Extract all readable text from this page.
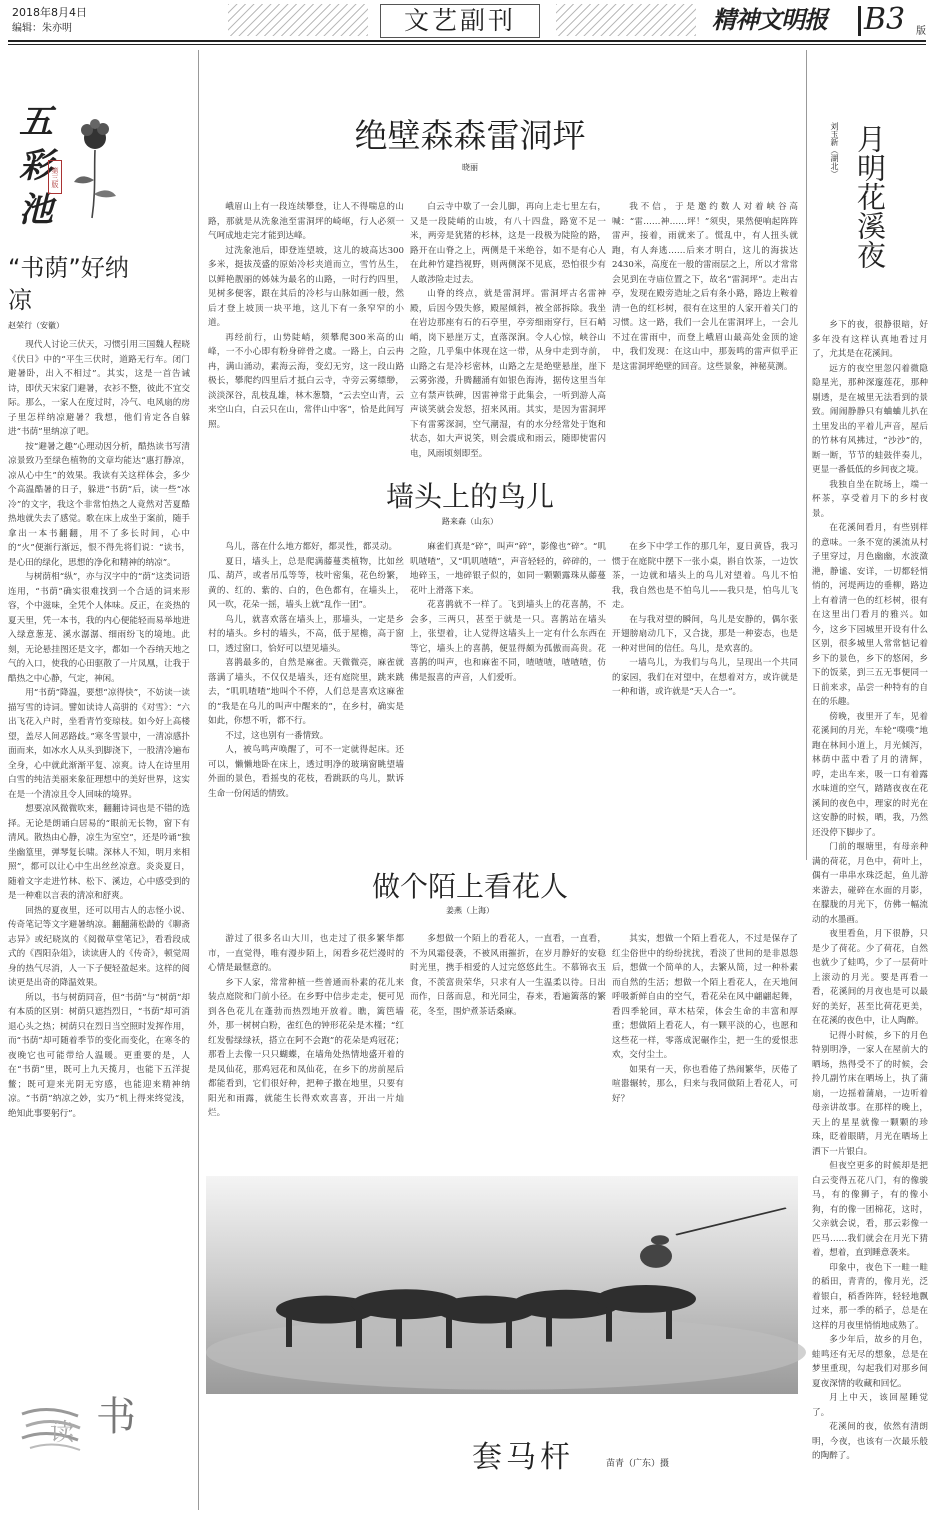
2018年8月4日
编辑：朱亦明	文艺副刊	精神文明报 B3 版
五彩池
第三版
“书荫”好纳凉
赵荣行（安徽）

现代人讨论三伏天，习惯引用三国魏人程晓《伏日》中的“平生三伏时，道路无行车。闭门避暑卧，出入不相过”。其实，这是一首告诫诗，即伏天宋家门避暑，衣衫不整，彼此不宜交际。那么，一家人在度过时，冷气、电风扇的房子里怎样纳凉避暑？我想，他们肯定各自躲进“书荫”里纳凉了吧。

按“避暑之趣”心理动因分析，酷热读书写清凉景致乃至绿色植物的文章均能达“惠打静凉，凉从心中生”的效果。我读有关这样体会，多少个高温酷暑的日子，躲进“书荫”后，读一些“冰冷”的文字，我这个非常怕热之人竟然对苦夏酷热地就失去了感觉。歌在床上成坐于案前，随手拿出一本书翻翻，用不了多长时间，心中的“火”便渐行渐远，恨不得先将们说：“读书，是心田的绿化，思想的净化和精神的纳凉”。

与树荫相“纵”，亦与汉字中的“荫”这类词语连用，“书荫”确实很难找到一个合适的词来形容，个中滋味，全凭个人体味。反正，在炎热的夏天里，凭一本书，我的内心便能轻而易举地进入绿意葱茏、溪水潺潺、细雨纷飞的境地。此刻，无论悬挂图还是文字，都如一个吞纳天地之气的入口，使我的心田驱散了一片凤凰，让我于酷热之中心静，气定，神闲。

用“书荫”降温，要想“凉得快”，不妨读一读描写雪的诗词。譬如读诗人高骈的《对雪》：“六出飞花入户时，坐看青竹变琼枝。如今好上高楼望，盖尽人间恶路歧。”寒冬雪景中，一清凉感扑面而来，如冰水人从头到脚浇下，一股清冷遍布全身，心中就此渐渐平复、凉爽。诗人在诗里用白雪的纯洁美丽来象征理想中的美好世界，这实在是一个清凉且令人回味的境界。

想要凉风微微吹来，翻翻诗词也是不错的选择。无论是朗诵白居易的“眼前无长物，窗下有清风。散热由心静，凉生为室空”，还是吟诵“独坐幽篁里，弹琴复长啸。深林人不知，明月来相照”，都可以让心中生出丝丝凉意。炎炎夏日，随着文字走进竹林、松下、溪边，心中感受到的是一种难以言表的清凉和舒爽。

回热的夏夜里，还可以用古人的志怪小说、传奇笔记等文字避暑纳凉。翻翻蒲松龄的《聊斋志异》或纪晓岚的《阅微草堂笔记》，看看段成式的《酉阳杂俎》，读读唐人的《传奇》，顿觉周身的热气尽消，人一下子便轻盈起来。这样的阅读更是出奇的降温效果。

所以，书与树荫同音，但“书荫”与“树荫”却有本质的区别：树荫只遮挡烈日，“书荫”却可消退心头之热；树荫只在烈日当空照时发挥作用，而“书荫”却可随着季节的变化而变化，在寒冬的夜晚它也可能带给人温暖。更重要的是，人在“书荫”里，既可上九天揽月，也能下五洋捉鳖；既可迎来光阴无穷感，也能迎来精神纳凉。“书荫”纳凉之妙，实乃“机上得来终觉浅，绝知此事要躬行”。

读 书
绝壁森森雷洞坪
晓丽

峨眉山上有一段连续攀登，让人不得喘息的山路，那就是从洗象池至雷洞坪的崎岖，行人必须一气呵成地走完才能到达峰。

过洗象池后，即登连望坡，这儿的坡高达300多米，挺拔茂盛的原始冷杉夹道而立，雪竹丛生，以鲜艳靓丽的姊妹为最名的山路，一时行约四里，见树多便客，跟在其后的冷杉与山脉如画一般，然后才登上坡顶一块平地，这儿下有一条窄窄的小道。

再经前行，山势陡峭，须攀爬300米高的山峰，一不小心即有粉身碎骨之虞。一路上，白云冉冉，满山涌动，素海云海，变幻无穷，这一段山路极长，攀爬约四里后才抵白云寺，寺旁云雾缥缈，淡淡深谷，乱枝乱雄，林木葱翳，“云去空山青，云来空山白，白云只在山，常伴山中客”，恰是此间写照。

白云寺中歇了一会儿脚，再向上走七里左右，又是一段陡峭的山坡，有八十四盘，路宽不足一米，两旁是犹猪的杉林，这是一段极为陡险的路，路开在山脊之上，两侧是千米绝谷，如不是有心人在此种竹建挡视野，则两侧深不见底，恐怕很少有人敢涉险走过去。

山脊的终点，就是雷洞坪。雷洞坪古名雷神殿，后因今毁失修，殿屋倾斜，被全部拆除。我坐在岩边那座有石的石亭里，亭旁细雨穿行，巨石峭峭，岗下悬崖万丈，直落深涧。令人心惊，峡谷山之险，几乎集中体现在这一带，从身中走到寺前，山路之右是冷杉密林，山路之左是绝壁悬崖，崖下云雾弥漫，升腾翻涌有如银色海涛，据传这里当年立有禁声铁碑，因雷神常于此集会，一听到游人高声谈笑就会发怒，招来风雨。其实，是因为雷洞坪下有雷雾深洞，空气潮湿，有的水分经常处于饱和状态，如大声说笑，则会震成和雨云，随即使雷闪电，风雨顷刻即至。

我不信，于是邀约数人对着峡谷高喊：“雷……神……坪！”须臾，果然便响起阵阵雷声，接着，雨就来了。慌乱中，有人扭头就跑，有人奔逃……后来才明白，这儿的海拔达2430米，高度在一般的雷雨层之上，所以才常常会见到在寺庙位置之下，故名“雷洞坪”。走出古亭，发现在殿旁造址之后有条小路，路边上鞍着清一色的红杉树，很有在这里的人家开着关门的习惯。这一路，我们一会儿在雷洞坪上，一会儿不过在雷雨中，而登上峨眉山最高处金顶的途中，我们发现：在这山中，那轰鸣的雷声似乎正是这雷洞坪绝壁的回音。这些景象，神秘莫测。

墙头上的鸟儿
路来森（山东）

鸟儿，落在什么地方都好，都灵性，都灵动。

夏日，墙头上，总是爬满藤蔓类植物，比如丝瓜、葫芦，或者吊瓜等等，枝叶密集，花色纷繁，黄的、红的、紫的、白的，色色都有，在墙头上，风一吹，花朵一摇，墙头上就“乱作一团”。

鸟儿，就喜欢落在墙头上，那墙头，一定是乡村的墙头。乡村的墙头，不高，低于屋檐，高于窗口，透过窗口，恰好可以望见墙头。

喜鹊最多的，自然是麻雀。天微微亮，麻雀就落满了墙头，不仅仅是墙头，还有庭院里，跳来跳去，“叽叽喳喳”地叫个不停，人们总是喜欢这麻雀的“我是在乌儿的叫声中醒来的”，在乡村，确实是如此，你想不听，都不行。

不过，这也别有一番情致。

人，被鸟鸣声唤醒了，可不一定就得起床。还可以，懒懒地卧在床上，透过明净的玻璃窗眺望墙外面的景色，看摇曳的花枝，看跳跃的鸟儿，默诉生命一份闲适的情致。

麻雀们真是“碎”，叫声“碎”，影像也“碎”。“叽叽喳喳”，又“叽叽喳喳”，声音轻轻的，碎碎的，一地碎玉，一地碎银子似的，如同一颗颗露珠从藤蔓花叶上滑落下来。

花喜鹊就不一样了。飞到墙头上的花喜鹊，不会多，三两只，甚至于就是一只。喜鹊站在墙头上，张望着，让人觉得这墙头上一定有什么东西在等它，墙头上的喜鹊，便显得颇为孤傲而高贵。花喜鹊的叫声，也和麻雀不同，喳喳喳，喳喳喳，仿佛是报喜的声音，人们爱听。

在乡下中学工作的那几年，夏日黄昏，我习惯于在庭院中摆下一张小桌，斟自饮茶，一边饮茶，一边就和墙头上的鸟儿对望着。鸟儿不怕我，我自然也是不怕鸟儿——我只是，怕鸟儿飞走。

在与我对望的瞬间，鸟儿是安静的，偶尔张开翅膀扇动几下，又合拢，那是一种姿态，也是一种对世间的信任。鸟儿，是欢喜的。

一墙鸟儿，为我们与鸟儿，呈现出一个共同的家园，我们在对望中，在想着对方，或许就是一种和谐，或许就是“天人合一”。

做个陌上看花人
姜燕（上海）

游过了很多名山大川，也走过了很多繁华都市，一直觉得，唯有漫步陌上，闲看乡花烂漫时的心情是最惬意的。

乡下人家，常常种植一些普通而朴素的花儿来装点庭院和门前小径。在乡野中信步走走，便可见到各色花儿在蓬勃而热烈地开放着。瞧，篱笆墙外，那一树树白粉，雀红色的钟形花朵是木槿；“红红发髻绿绿袄，搭立在阿不会跑”的花朵是鸡冠花；那看上去像一只只蝴蝶，在墙角处热情地盛开着的是凤仙花，那鸡冠花和凤仙花，在乡下的房前屋后都能看到，它们很好种，把种子撒在地里，只要有阳光和雨露，就能生长得欢欢喜喜，开出一片灿烂。

多想做一个陌上的看花人，一直看，一直看，不为风霜侵袭，不被风雨摧折，在岁月静好的安稳时光里，携手相爱的人过完悠悠此生。不慕锦衣玉食，不羡富贵荣华，只求有人一生温柔以待。日出而作，日落而息，和光同尘，春来，看遍篱落的繁花，冬至，围炉煮茶话桑麻。

其实，想做一个陌上看花人，不过是保存了红尘俗世中的纷纷扰扰，看淡了世间的是非恩怨后，想做一个简单的人，去繁从简，过一种朴素而自然的生活；想做一个陌上看花人，在天地间呼吸新鲜自由的空气，看花朵在风中翩翩起舞，看四季轮回，草木枯荣，体会生命的丰富和厚重；想做陌上看花人，有一颗平淡的心，也愿和这些花一样，零落成泥碾作尘，把一生的爱恨悲欢，交付尘土。

如果有一天，你也看倦了热闹繁华，厌倦了喧嚣辗转，那么，归来与我同做陌上看花人，可好？

套马杆	苗青（广东）摄
刘玉新（湖北） 月明花溪夜

乡下的夜，很静很暗，好多年没有这样认真地看过月了，尤其是在花溪间。

远方的夜空里忽闪着微隐隐星光，那种深邃莲花，那种剔透，是在城里无法看到的景致。闹闹静静只有蛐蛐儿扒在土里发出的平着儿声音，屋后的竹林有风拂过，“沙沙”的，断一断，节节的蛙鼓伴奏儿，更显一番低低的乡间夜之境。

我独自坐在院场上，端一杯茶，享受着月下的乡村夜景。

在花溪间看月，有些别样的意味。一条不宽的溪流从村子里穿过，月色幽幽，水波潋滟，静谧、安详，一切都轻悄悄的，河堤两边的垂柳，路边上有着清一色的红杉树，很有在这里出门看月的雅兴。如今，这乡下园城里开设有什么区别，很多城里人常常惦记着乡下的景色，乡下的悠闲，乡下的饭菜，到三五无事便同一日前来求，品尝一种特有的自在的乐趣。

傍晚，夜里开了车，见着花溪间的月光，车轮“噗噗”地跑在林间小道上，月光倾泻，林荫中蓝中看了月的清辉，哼，走出车来，吸一口有着露水味道的空气，踏踏夜夜在花溪间的夜色中，理家的时光在这安静的时候，晒，我，乃然还没停下脚步了。

门前的堰塘里，有母亲种满的荷花，月色中，荷叶上，偶有一串串水珠泛起，鱼儿游来游去，碰碎在水面的月影，在朦胧的月光下，仿佛一幅流动的水墨画。

夜里看鱼，月下很静，只是少了荷花。少了荷花，自然也就少了蛙鸣，少了一层荷叶上滚动的月光。要是再看一看，花溪间的月夜也是可以最好的美好，甚至比荷花更美，在花溪的夜色中，让人陶醉。

记得小时候，乡下的月色特别明净，一家人在屋前大的晒场，热得受不了的时候，会拎几副竹床在晒场上，执了蒲扇，一边摇着蒲扇，一边听着母亲讲故事。在那样的晚上，天上的星星就像一颗颗的珍珠，眨着眼睛，月光在晒场上洒下一片银白。

但夜空更多的时候却是把白云变得五花八门，有的像骏马，有的像狮子，有的像小狗，有的像一团棉花，这时，父亲就会说，看，那云彩像一匹马……我们就会在月光下猜着，想着，直到睡意袭来。

印象中，夜色下一畦一畦的稻田，青青的，像月光，泛着银白，稻香阵阵，轻轻地飘过来，那一季的稻子，总是在这样的月夜里悄悄地成熟了。

多少年后，故乡的月色，蛙鸣还有无尽的想象，总是在梦里重现，勾起我们对那乡间夏夜深情的收藏和回忆。

月上中天，该回屋睡觉了。

花溪间的夜，依然有清朗明，今夜，也该有一次最乐般的陶醉了。
